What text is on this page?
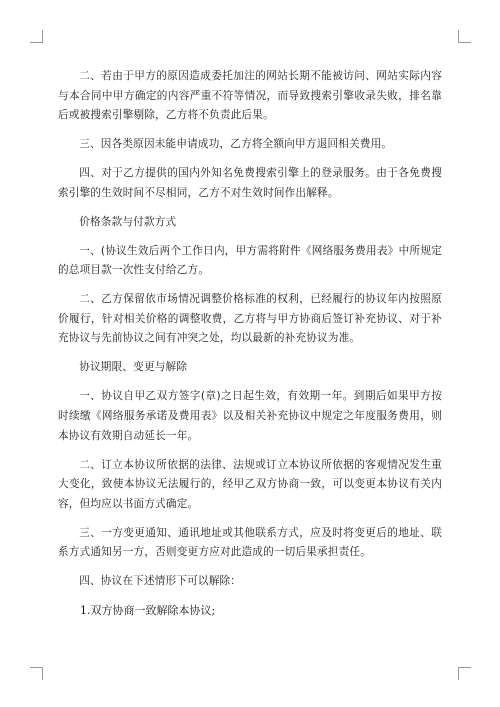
二、若由于甲方的原因造成委托加注的网站长期不能被访问、网站实际内容与本合同中甲方确定的内容严重不符等情况，而导致搜索引擎收录失败，排名靠后或被搜索引擎剔除，乙方将不负责此后果。

三、因各类原因未能申请成功，乙方将全额向甲方退回相关费用。

四、对于乙方提供的国内外知名免费搜索引擎上的登录服务。由于各免费搜索引擎的生效时间不尽相同，乙方不对生效时间作出解释。

价格条款与付款方式

一、(协议生效后两个工作日内，甲方需将附件《网络服务费用表》中所规定的总项目款一次性支付给乙方。

二、乙方保留依市场情况调整价格标准的权利，已经履行的协议年内按照原价履行，针对相关价格的调整收费，乙方将与甲方协商后签订补充协议、对于补充协议与先前协议之间有冲突之处，均以最新的补充协议为准。

协议期限、变更与解除

一、协议自甲乙双方签字(章)之日起生效，有效期一年。到期后如果甲方按时续缴《网络服务承诺及费用表》以及相关补充协议中规定之年度服务费用，则本协议有效期自动延长一年。

二、订立本协议所依据的法律、法规或订立本协议所依据的客观情况发生重大变化，致使本协议无法履行的，经甲乙双方协商一致，可以变更本协议有关内容，但均应以书面方式确定。

三、一方变更通知、通讯地址或其他联系方式，应及时将变更后的地址、联系方式通知另一方，否则变更方应对此造成的一切后果承担责任。

四、协议在下述情形下可以解除：

1.双方协商一致解除本协议;
